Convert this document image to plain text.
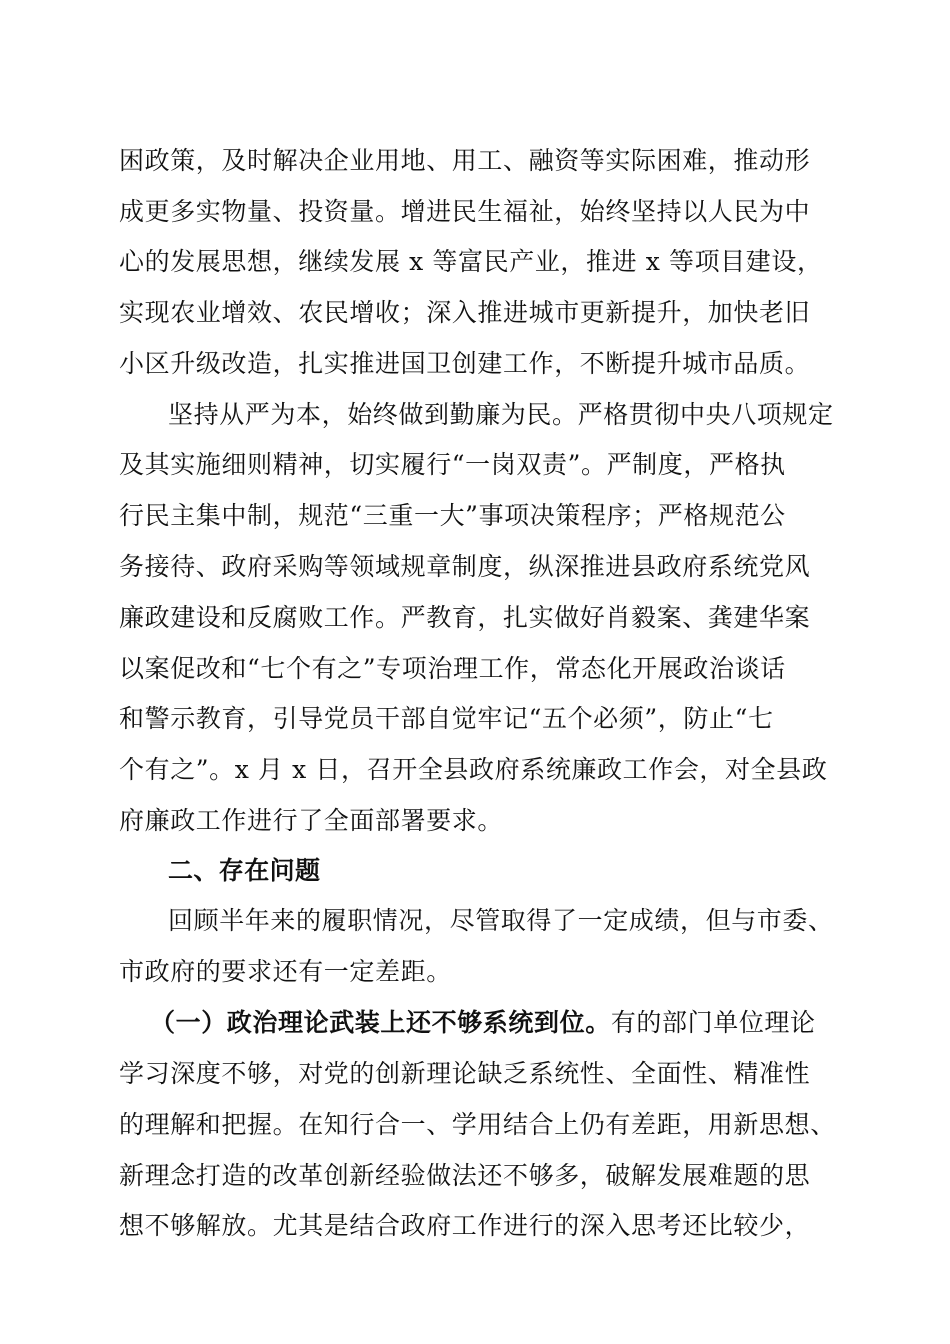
困政策，及时解决企业用地、用工、融资等实际困难，推动形
成更多实物量、投资量。增进民生福祉，始终坚持以人民为中
心的发展思想，继续发展 x 等富民产业，推进 x 等项目建设，
实现农业增效、农民增收；深入推进城市更新提升，加快老旧
小区升级改造，扎实推进国卫创建工作，不断提升城市品质。
坚持从严为本，始终做到勤廉为民。严格贯彻中央八项规定
及其实施细则精神，切实履行“一岗双责”。严制度，严格执
行民主集中制，规范“三重一大”事项决策程序；严格规范公
务接待、政府采购等领域规章制度，纵深推进县政府系统党风
廉政建设和反腐败工作。严教育，扎实做好肖毅案、龚建华案
以案促改和“七个有之”专项治理工作，常态化开展政治谈话
和警示教育，引导党员干部自觉牢记“五个必须”，防止“七
个有之”。x 月 x 日，召开全县政府系统廉政工作会，对全县政
府廉政工作进行了全面部署要求。
二、存在问题
回顾半年来的履职情况，尽管取得了一定成绩，但与市委、
市政府的要求还有一定差距。
（一）政治理论武装上还不够系统到位。有的部门单位理论
学习深度不够，对党的创新理论缺乏系统性、全面性、精准性
的理解和把握。在知行合一、学用结合上仍有差距，用新思想、
新理念打造的改革创新经验做法还不够多，破解发展难题的思
想不够解放。尤其是结合政府工作进行的深入思考还比较少，
